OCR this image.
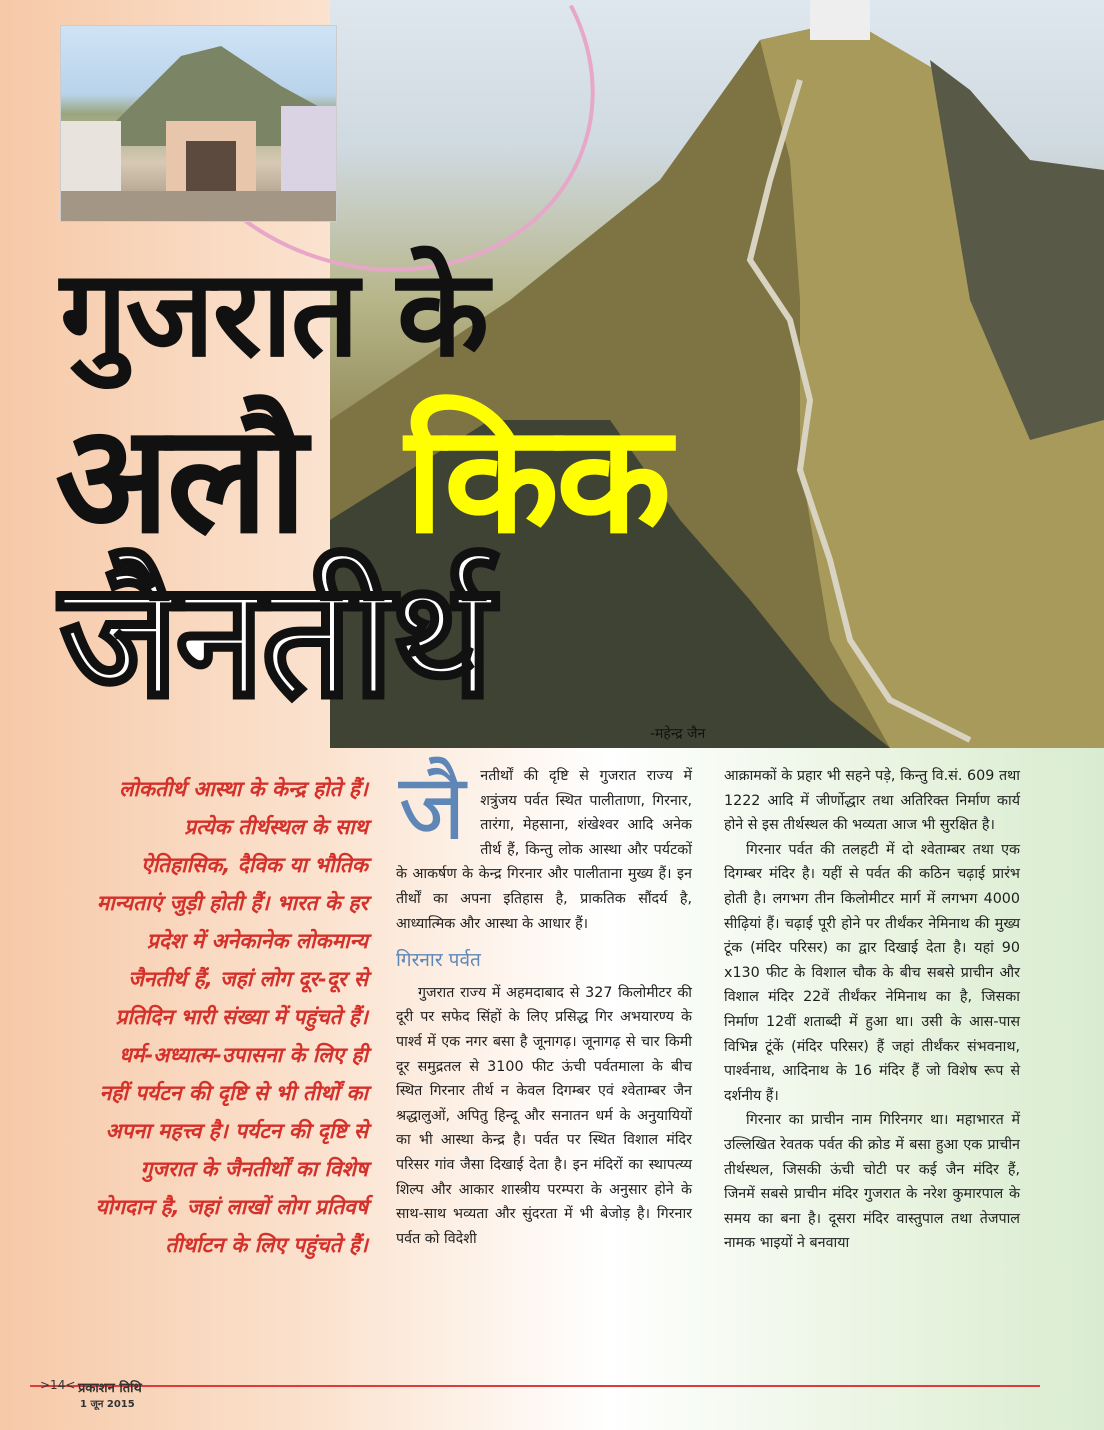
गुजरात के
अलौ किक
जैनतीर्थ
-महेन्द्र जैन
लोकतीर्थ आस्था के केन्द्र होते हैं। प्रत्येक तीर्थस्थल के साथ ऐतिहासिक, दैविक या भौतिक मान्यताएं जुड़ी होती हैं। भारत के हर प्रदेश में अनेकानेक लोकमान्य जैनतीर्थ हैं, जहां लोग दूर-दूर से प्रतिदिन भारी संख्या में पहुंचते हैं। धर्म-अध्यात्म-उपासना के लिए ही नहीं पर्यटन की दृष्टि से भी तीर्थों का अपना महत्त्व है। पर्यटन की दृष्टि से गुजरात के जैनतीर्थों का विशेष योगदान है, जहां लाखों लोग प्रतिवर्ष तीर्थाटन के लिए पहुंचते हैं।
जै नतीर्थों की दृष्टि से गुजरात राज्य में शत्रुंजय पर्वत स्थित पालीताणा, गिरनार, तारंगा, मेहसाना, शंखेश्वर आदि अनेक तीर्थ हैं, किन्तु लोक आस्था और पर्यटकों के आकर्षण के केन्द्र गिरनार और पालीताना मुख्य हैं। इन तीर्थों का अपना इतिहास है, प्राकतिक सौंदर्य है, आध्यात्मिक और आस्था के आधार हैं।

गिरनार पर्वत

गुजरात राज्य में अहमदाबाद से 327 किलोमीटर की दूरी पर सफेद सिंहों के लिए प्रसिद्ध गिर अभयारण्य के पार्श्व में एक नगर बसा है जूनागढ़। जूनागढ़ से चार किमी दूर समुद्रतल से 3100 फीट ऊंची पर्वतमाला के बीच स्थित गिरनार तीर्थ न केवल दिगम्बर एवं श्वेताम्बर जैन श्रद्धालुओं, अपितु हिन्दू और सनातन धर्म के अनुयायियों का भी आस्था केन्द्र है। पर्वत पर स्थित विशाल मंदिर परिसर गांव जैसा दिखाई देता है। इन मंदिरों का स्थापत्य्य शिल्प और आकार शास्त्रीय परम्परा के अनुसार होने के साथ-साथ भव्यता और सुंदरता में भी बेजोड़ है। गिरनार पर्वत को विदेशी

आक्रामकों के प्रहार भी सहने पड़े, किन्तु वि.सं. 609 तथा 1222 आदि में जीर्णोद्धार तथा अतिरिक्त निर्माण कार्य होने से इस तीर्थस्थल की भव्यता आज भी सुरक्षित है।

गिरनार पर्वत की तलहटी में दो श्वेताम्बर तथा एक दिगम्बर मंदिर है। यहीं से पर्वत की कठिन चढ़ाई प्रारंभ होती है। लगभग तीन किलोमीटर मार्ग में लगभग 4000 सीढ़ियां हैं। चढ़ाई पूरी होने पर तीर्थंकर नेमिनाथ की मुख्य टूंक (मंदिर परिसर) का द्वार दिखाई देता है। यहां 90 x130 फीट के विशाल चौक के बीच सबसे प्राचीन और विशाल मंदिर 22वें तीर्थंकर नेमिनाथ का है, जिसका निर्माण 12वीं शताब्दी में हुआ था। उसी के आस-पास विभिन्न टूंकें (मंदिर परिसर) हैं जहां तीर्थंकर संभवनाथ, पार्श्वनाथ, आदिनाथ के 16 मंदिर हैं जो विशेष रूप से दर्शनीय हैं।

गिरनार का प्राचीन नाम गिरिनगर था। महाभारत में उल्लिखित रेवतक पर्वत की क्रोड में बसा हुआ एक प्राचीन तीर्थस्थल, जिसकी ऊंची चोटी पर कई जैन मंदिर हैं, जिनमें सबसे प्राचीन मंदिर गुजरात के नरेश कुमारपाल के समय का बना है। दूसरा मंदिर वास्तुपाल तथा तेजपाल नामक भाइयों ने बनवाया

>14< प्रकाशन तिथि
1 जून 2015
